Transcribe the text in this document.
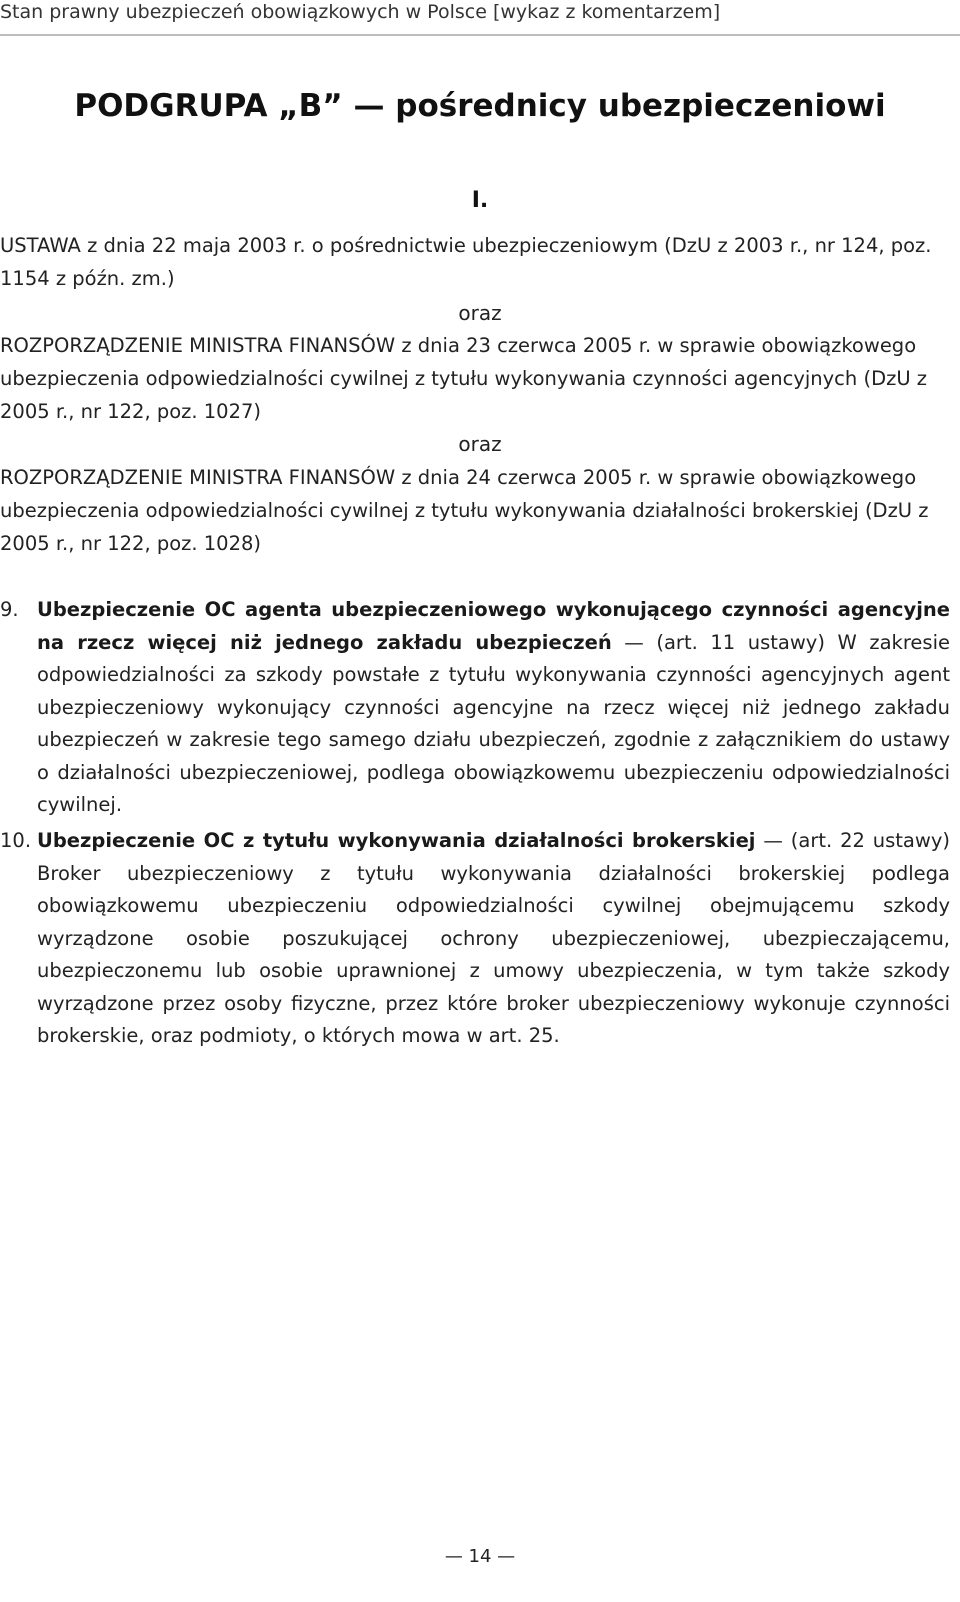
Stan prawny ubezpieczeń obowiązkowych w Polsce [wykaz z komentarzem]
PODGRUPA „B” — pośrednicy ubezpieczeniowi
I.
USTAWA z dnia 22 maja 2003 r. o pośrednictwie ubezpieczeniowym (DzU z 2003 r., nr 124, poz. 1154 z późn. zm.)
oraz
ROZPORZĄDZENIE MINISTRA FINANSÓW z dnia 23 czerwca 2005 r. w sprawie obowiązkowego ubezpieczenia odpowiedzialności cywilnej z tytułu wykonywania czynności agencyjnych (DzU z 2005 r., nr 122, poz. 1027)
oraz
ROZPORZĄDZENIE MINISTRA FINANSÓW z dnia 24 czerwca 2005 r. w sprawie obowiązkowego ubezpieczenia odpowiedzialności cywilnej z tytułu wykonywania działalności brokerskiej (DzU z 2005 r., nr 122, poz. 1028)
9. Ubezpieczenie OC agenta ubezpieczeniowego wykonującego czynności agencyjne na rzecz więcej niż jednego zakładu ubezpieczeń — (art. 11 ustawy) W zakresie odpowiedzialności za szkody powstałe z tytułu wykonywania czynności agencyjnych agent ubezpieczeniowy wykonujący czynności agencyjne na rzecz więcej niż jednego zakładu ubezpieczeń w zakresie tego samego działu ubezpieczeń, zgodnie z załącznikiem do ustawy o działalności ubezpieczeniowej, podlega obowiązkowemu ubezpieczeniu odpowiedzialności cywilnej.
10. Ubezpieczenie OC z tytułu wykonywania działalności brokerskiej — (art. 22 ustawy) Broker ubezpieczeniowy z tytułu wykonywania działalności brokerskiej podlega obowiązkowemu ubezpieczeniu odpowiedzialności cywilnej obejmującemu szkody wyrządzone osobie poszukującej ochrony ubezpieczeniowej, ubezpieczającemu, ubezpieczonemu lub osobie uprawnionej z umowy ubezpieczenia, w tym także szkody wyrządzone przez osoby fizyczne, przez które broker ubezpieczeniowy wykonuje czynności brokerskie, oraz podmioty, o których mowa w art. 25.
— 14 —
